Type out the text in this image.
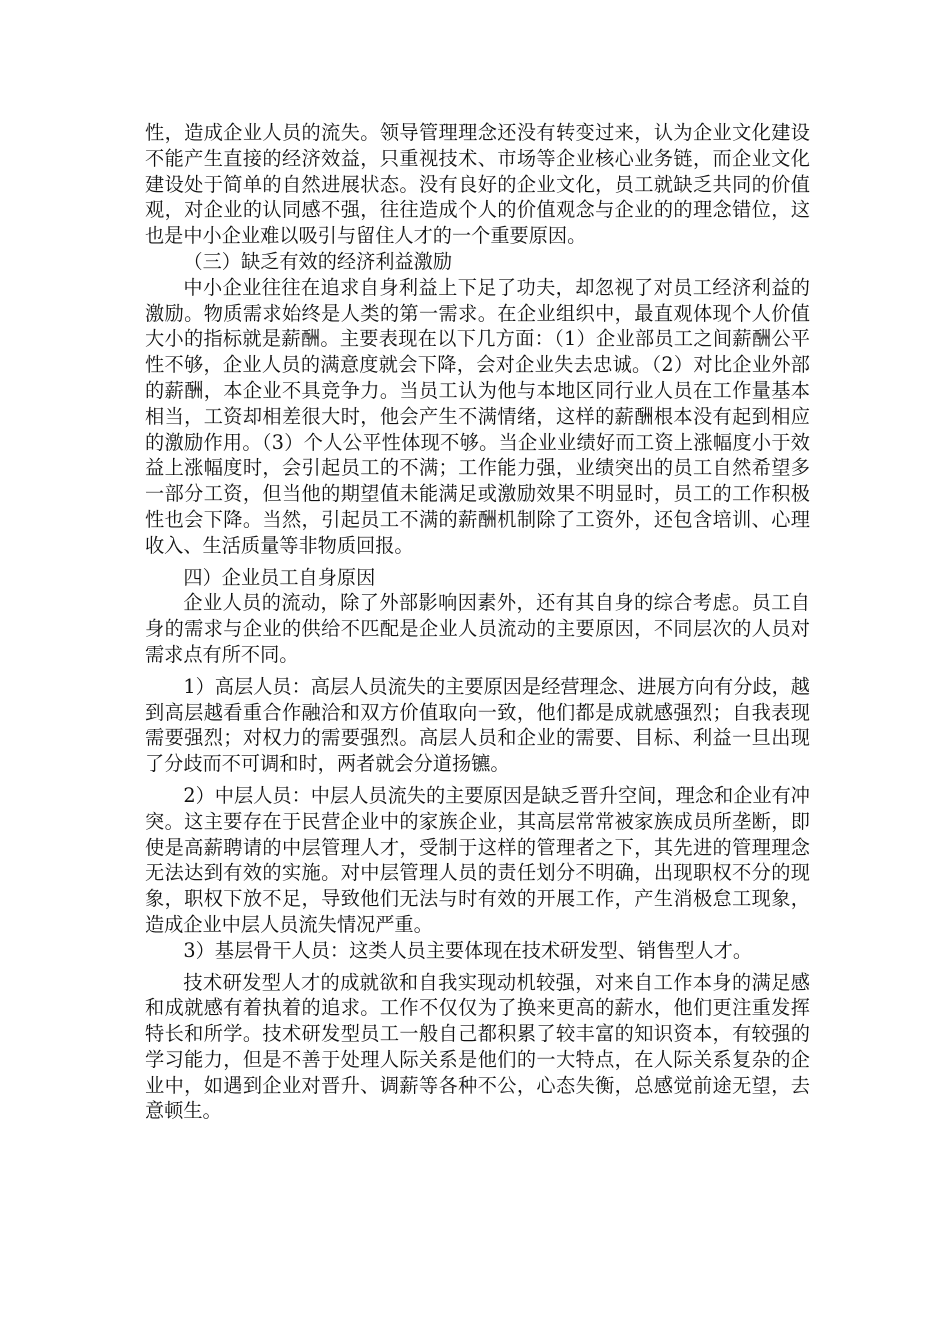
性，造成企业人员的流失。领导管理理念还没有转变过来，认为企业文化建设不能产生直接的经济效益，只重视技术、市场等企业核心业务链，而企业文化建设处于简单的自然进展状态。没有良好的企业文化，员工就缺乏共同的价值观，对企业的认同感不强，往往造成个人的价值观念与企业的的理念错位，这也是中小企业难以吸引与留住人才的一个重要原因。

（三）缺乏有效的经济利益激励

中小企业往往在追求自身利益上下足了功夫，却忽视了对员工经济利益的激励。物质需求始终是人类的第一需求。在企业组织中，最直观体现个人价值大小的指标就是薪酬。主要表现在以下几方面：（1）企业部员工之间薪酬公平性不够，企业人员的满意度就会下降，会对企业失去忠诚。（2）对比企业外部的薪酬，本企业不具竞争力。当员工认为他与本地区同行业人员在工作量基本相当，工资却相差很大时，他会产生不满情绪，这样的薪酬根本没有起到相应的激励作用。（3）个人公平性体现不够。当企业业绩好而工资上涨幅度小于效益上涨幅度时，会引起员工的不满；工作能力强，业绩突出的员工自然希望多一部分工资，但当他的期望值未能满足或激励效果不明显时，员工的工作积极性也会下降。当然，引起员工不满的薪酬机制除了工资外，还包含培训、心理收入、生活质量等非物质回报。

四）企业员工自身原因

企业人员的流动，除了外部影响因素外，还有其自身的综合考虑。员工自身的需求与企业的供给不匹配是企业人员流动的主要原因，不同层次的人员对需求点有所不同。

1）高层人员：高层人员流失的主要原因是经营理念、进展方向有分歧，越到高层越看重合作融洽和双方价值取向一致，他们都是成就感强烈；自我表现需要强烈；对权力的需要强烈。高层人员和企业的需要、目标、利益一旦出现了分歧而不可调和时，两者就会分道扬镳。

2）中层人员：中层人员流失的主要原因是缺乏晋升空间，理念和企业有冲突。这主要存在于民营企业中的家族企业，其高层常常被家族成员所垄断，即使是高薪聘请的中层管理人才，受制于这样的管理者之下，其先进的管理理念无法达到有效的实施。对中层管理人员的责任划分不明确，出现职权不分的现象，职权下放不足，导致他们无法与时有效的开展工作，产生消极怠工现象，造成企业中层人员流失情况严重。

3）基层骨干人员：这类人员主要体现在技术研发型、销售型人才。

技术研发型人才的成就欲和自我实现动机较强，对来自工作本身的满足感和成就感有着执着的追求。工作不仅仅为了换来更高的薪水，他们更注重发挥特长和所学。技术研发型员工一般自己都积累了较丰富的知识资本，有较强的学习能力，但是不善于处理人际关系是他们的一大特点，在人际关系复杂的企业中，如遇到企业对晋升、调薪等各种不公，心态失衡，总感觉前途无望，去意顿生。
